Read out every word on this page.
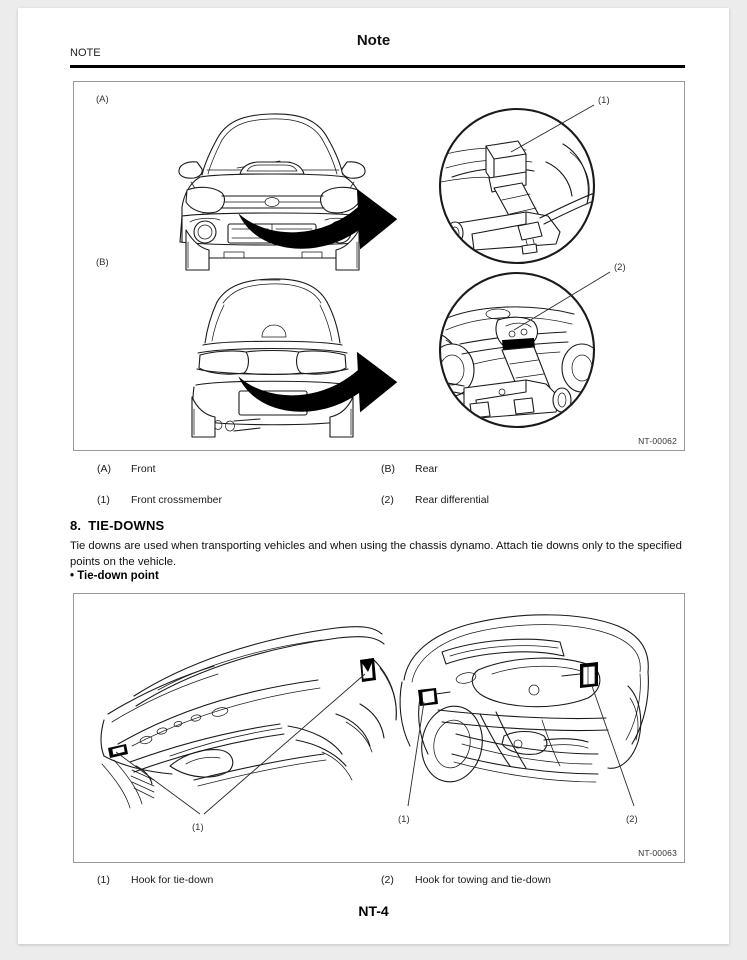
Note
NOTE
(A)	(1)
(B)	(2)
NT-00062
(A) Front	(B) Rear
(1) Front crossmember	(2) Rear differential
8. TIE-DOWNS
Tie downs are used when transporting vehicles and when using the chassis dynamo. Attach tie downs only to the specified points on the vehicle.
• Tie-down point
(1)
(1)	(2)
NT-00063
(1) Hook for tie-down	(2) Hook for towing and tie-down
NT-4
